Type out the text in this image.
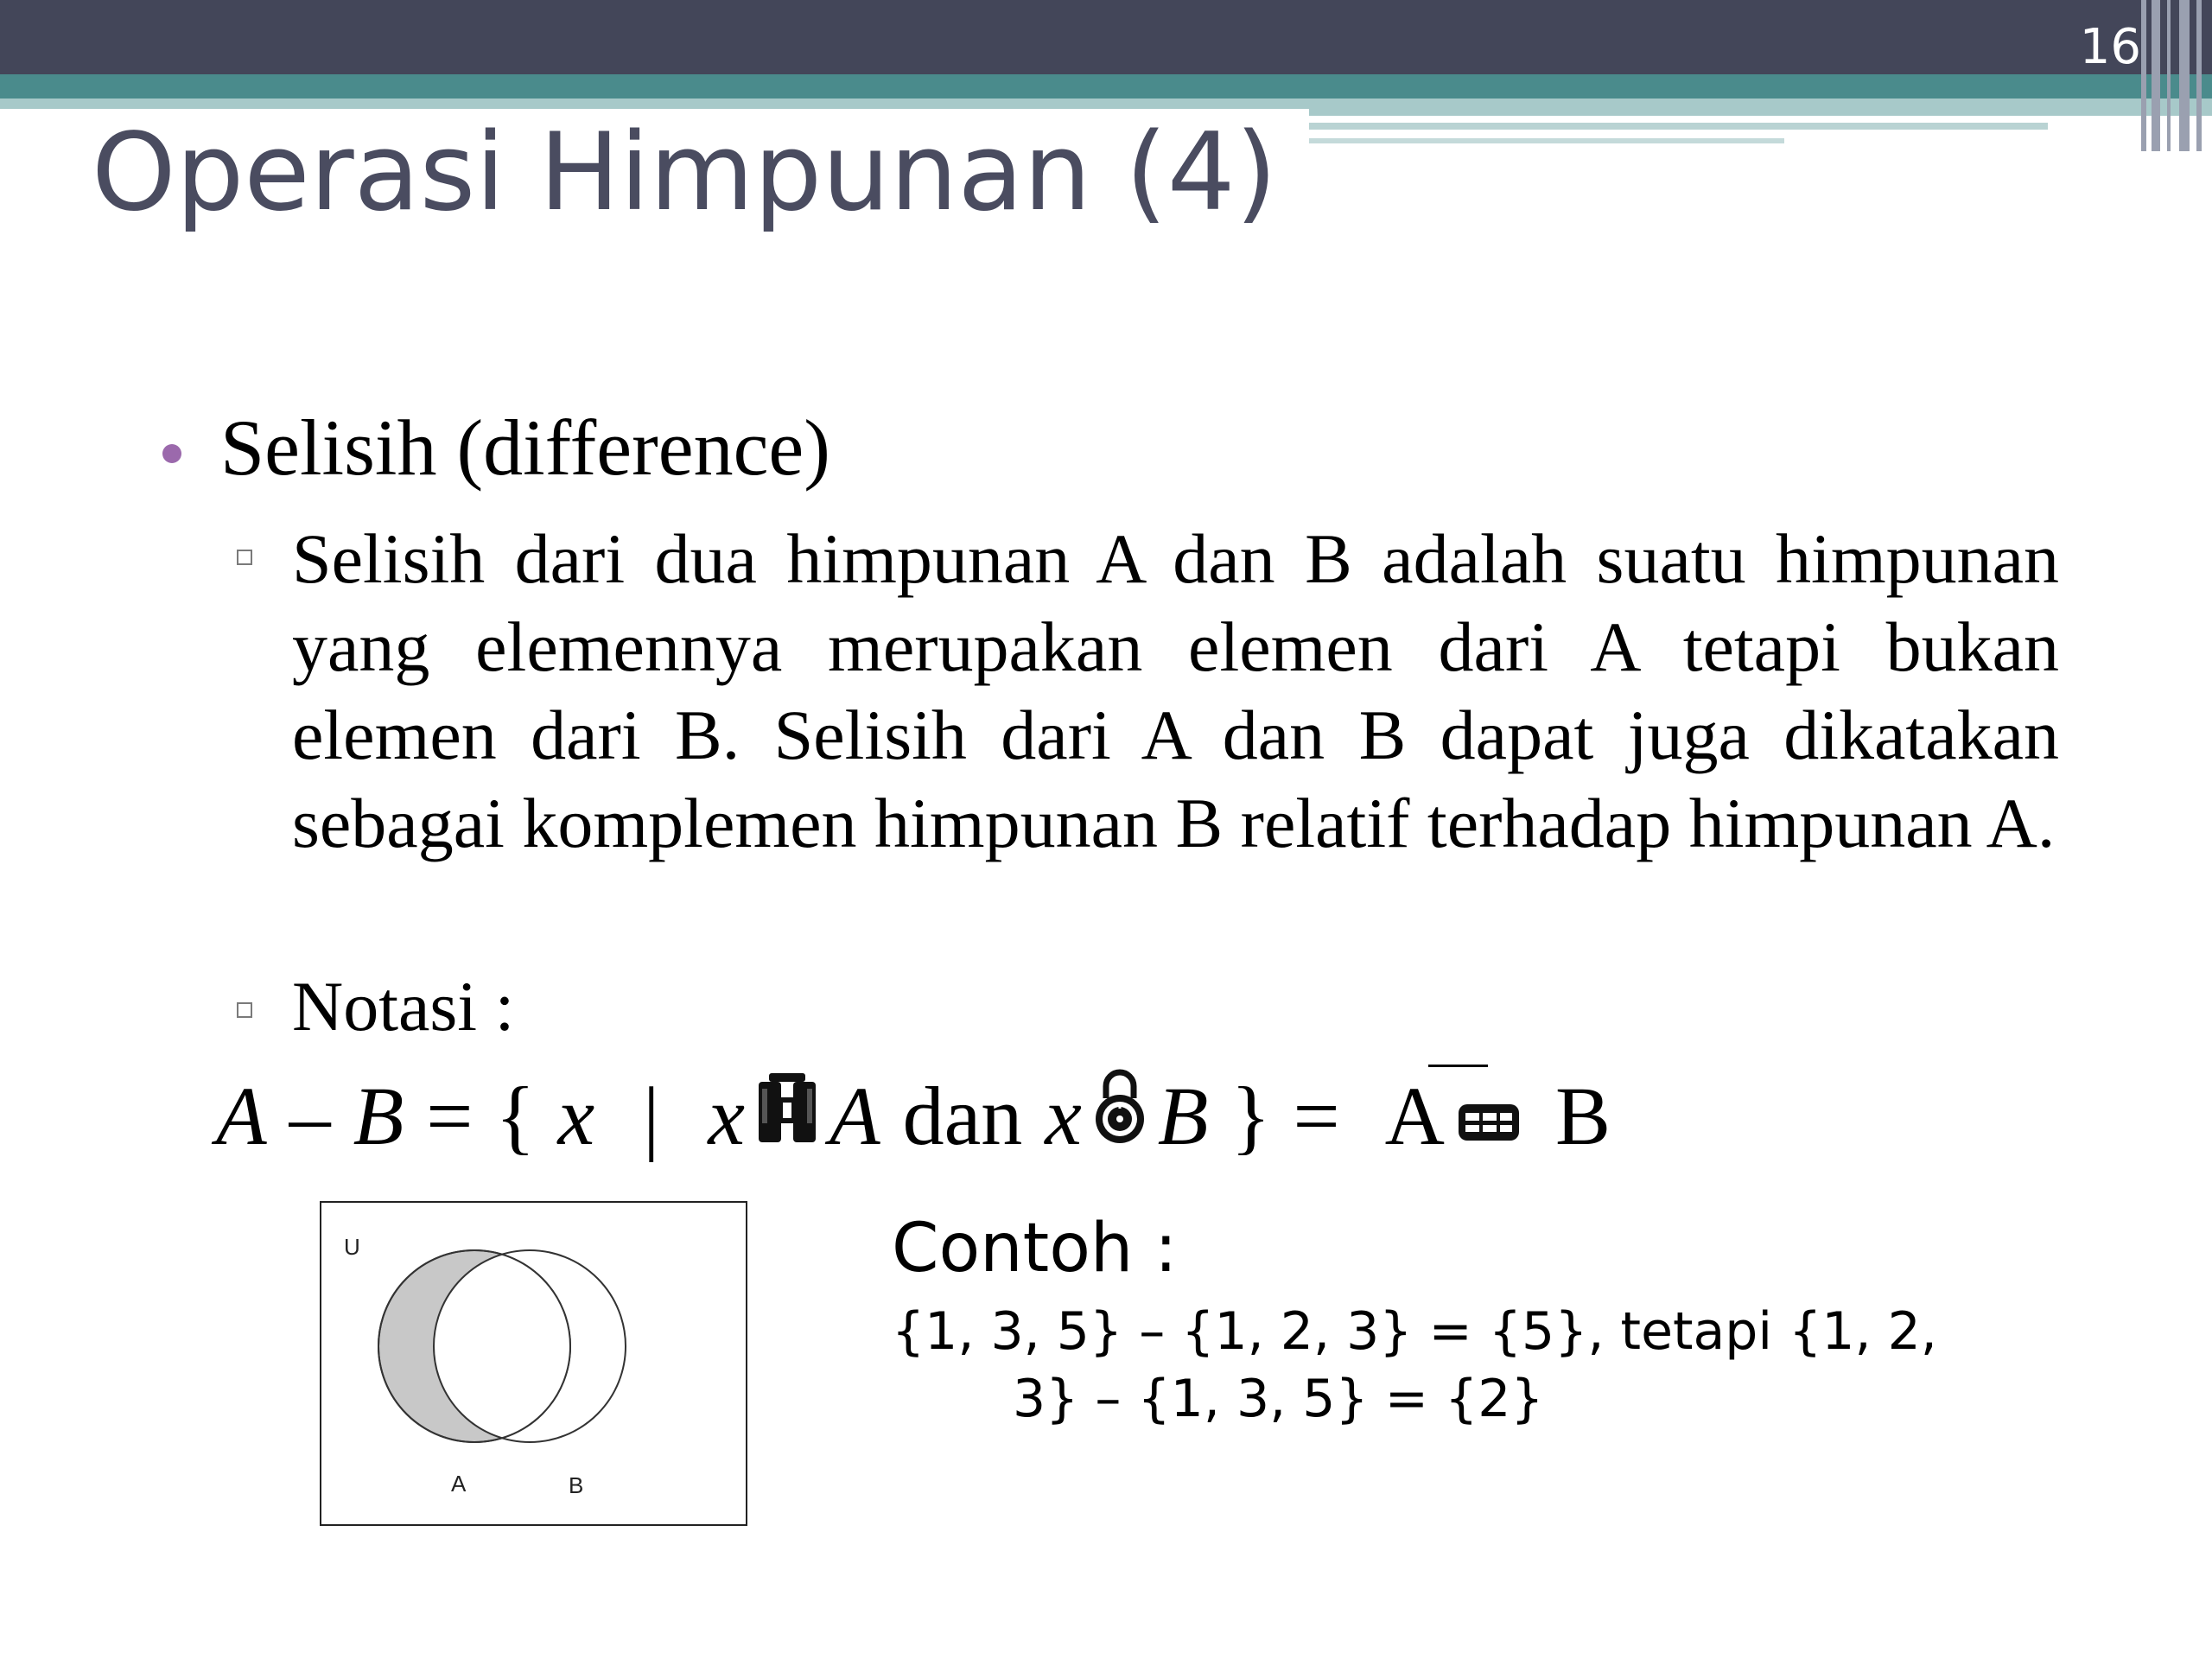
16
Operasi Himpunan (4)
Selisih (difference)
Selisih dari dua himpunan A dan B adalah suatu himpunan yang elemennya merupakan elemen dari A tetapi bukan elemen dari B. Selisih dari A dan B dapat juga dikatakan sebagai komplemen himpunan B relatif terhadap himpunan A.
Notasi :
A – B = { x | x A dan x B } = A B
U
A	B
Contoh :
{1, 3, 5} – {1, 2, 3} = {5}, tetapi {1, 2,
3} – {1, 3, 5} = {2}
